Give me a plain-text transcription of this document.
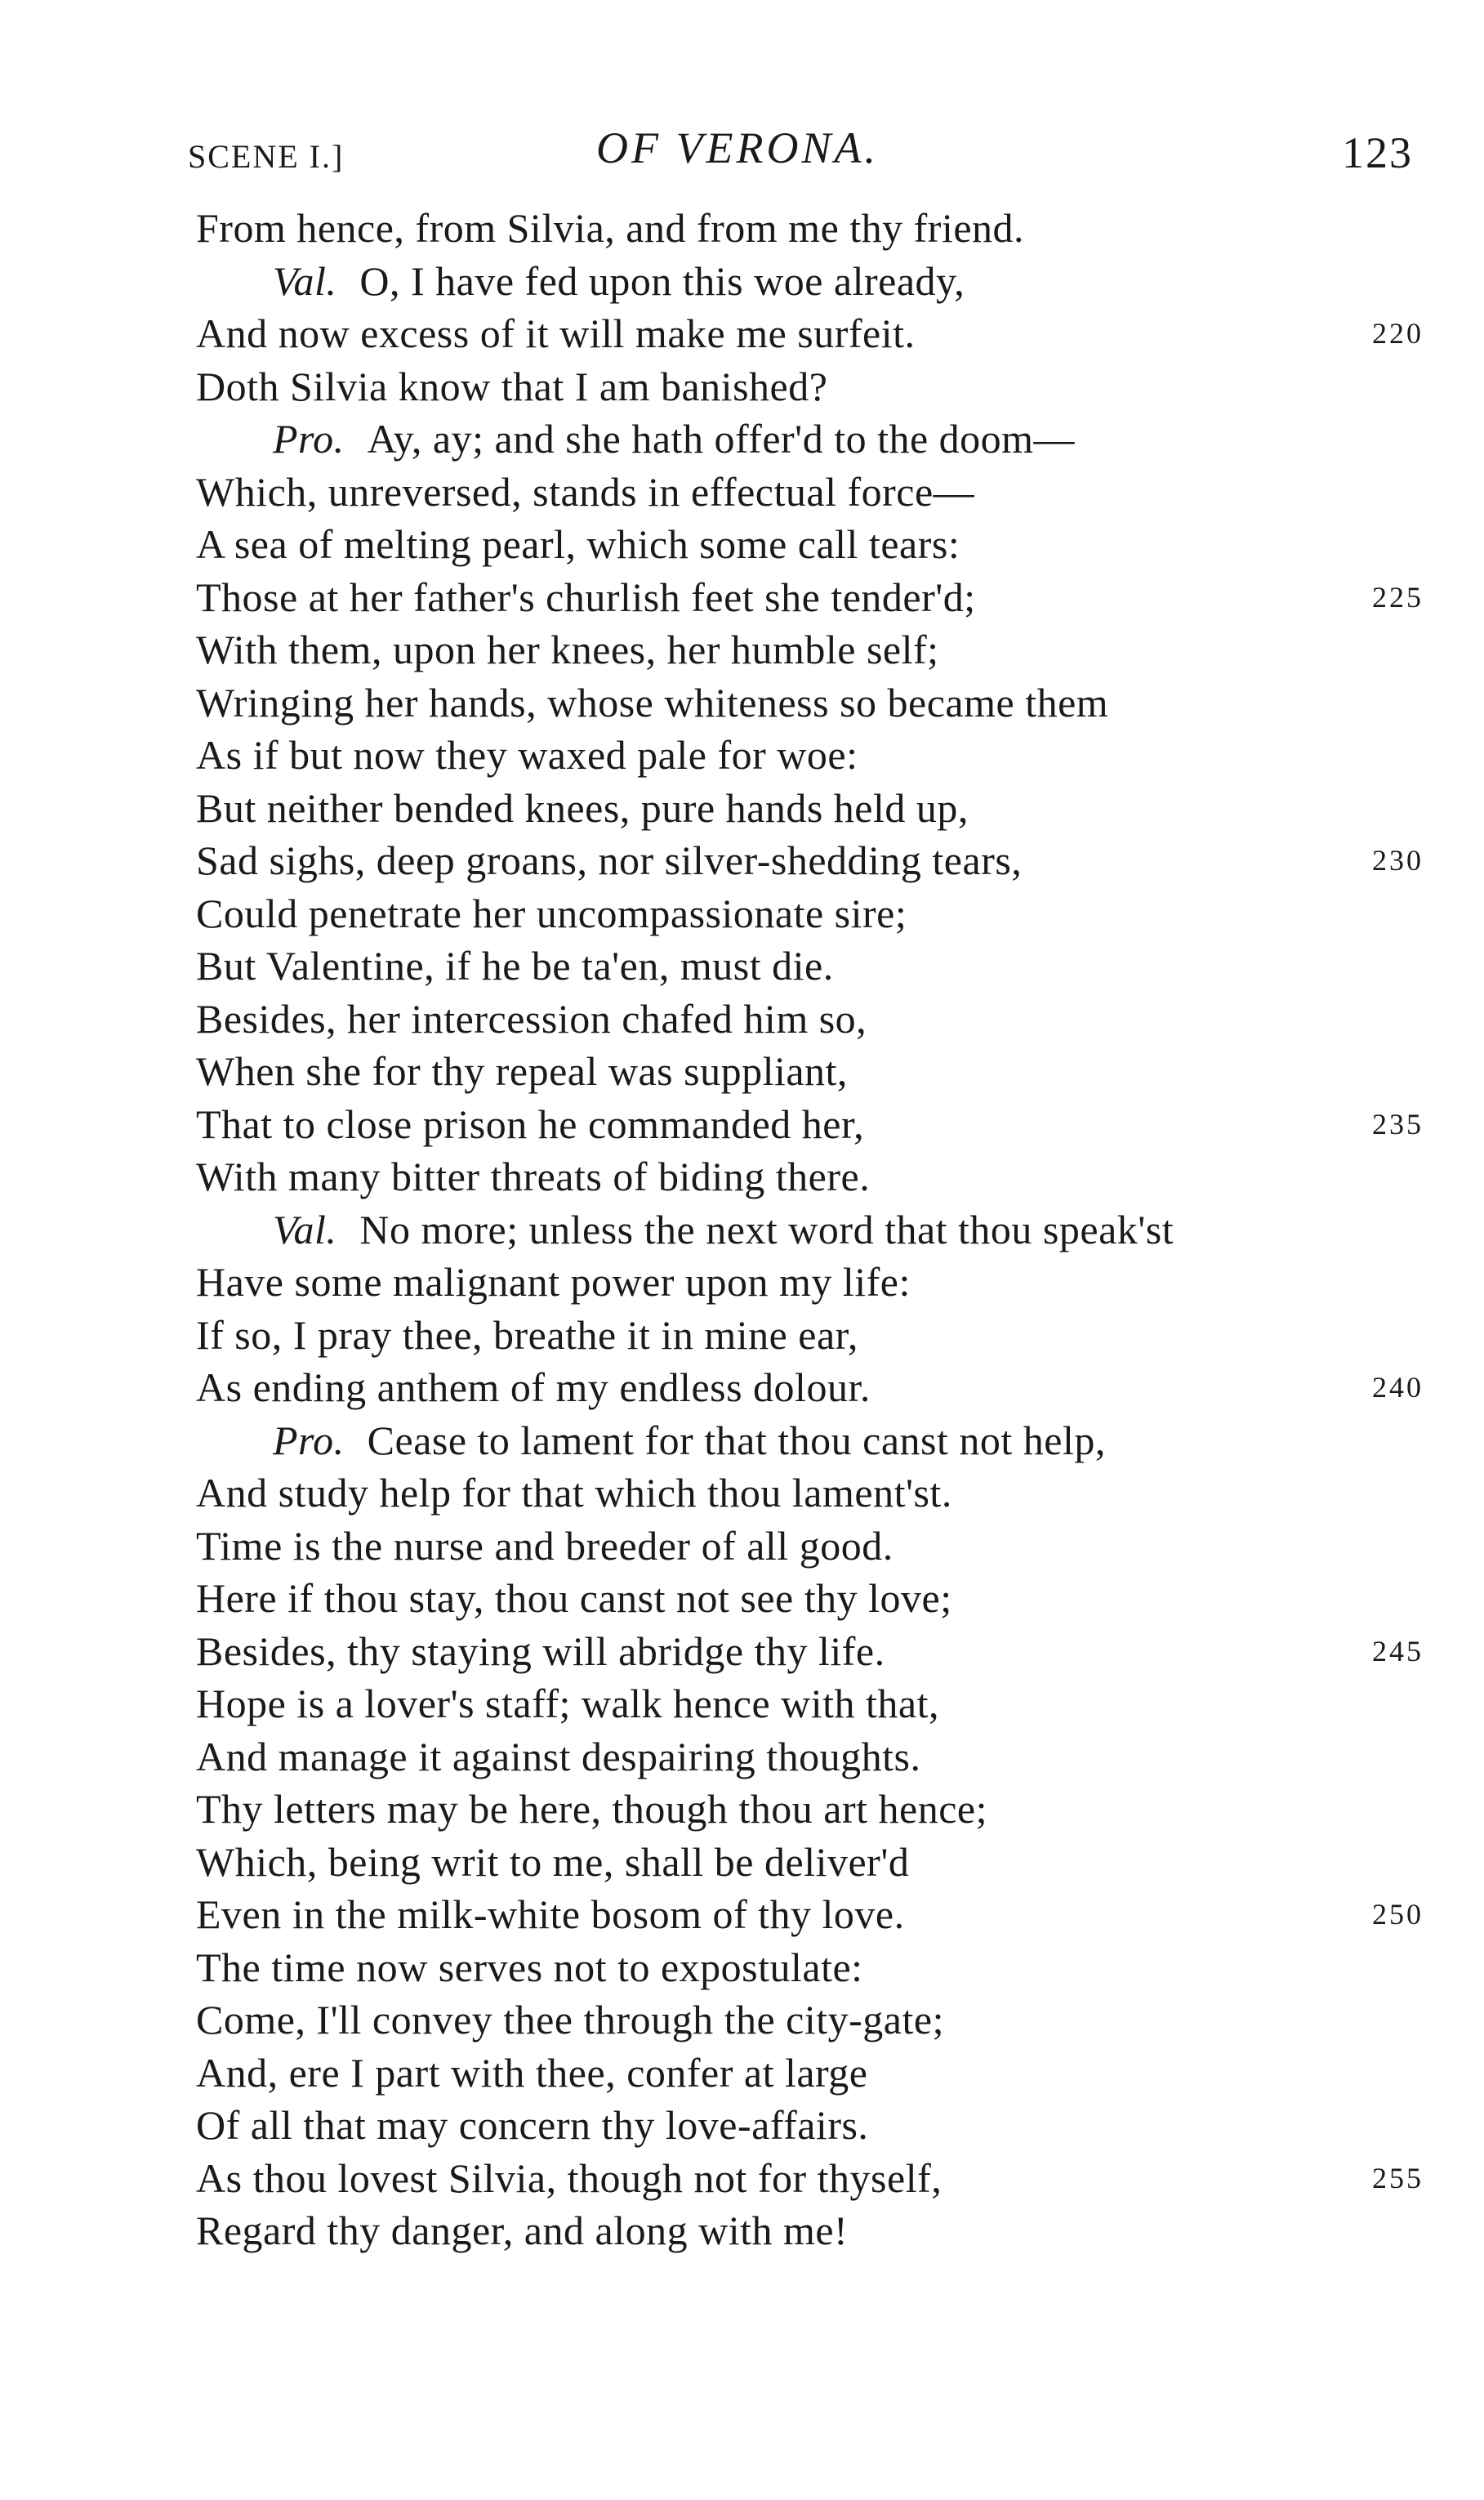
SCENE I.]	OF VERONA.	123
From hence, from Silvia, and from me thy friend.
Val. O, I have fed upon this woe already,
And now excess of it will make me surfeit.	220
Doth Silvia know that I am banished?
Pro. Ay, ay; and she hath offer'd to the doom—
Which, unreversed, stands in effectual force—
A sea of melting pearl, which some call tears:
Those at her father's churlish feet she tender'd;	225
With them, upon her knees, her humble self;
Wringing her hands, whose whiteness so became them
As if but now they waxed pale for woe:
But neither bended knees, pure hands held up,
Sad sighs, deep groans, nor silver-shedding tears,	230
Could penetrate her uncompassionate sire;
But Valentine, if he be ta'en, must die.
Besides, her intercession chafed him so,
When she for thy repeal was suppliant,
That to close prison he commanded her,	235
With many bitter threats of biding there.
Val. No more; unless the next word that thou speak'st
Have some malignant power upon my life:
If so, I pray thee, breathe it in mine ear,
As ending anthem of my endless dolour.	240
Pro. Cease to lament for that thou canst not help,
And study help for that which thou lament'st.
Time is the nurse and breeder of all good.
Here if thou stay, thou canst not see thy love;
Besides, thy staying will abridge thy life.	245
Hope is a lover's staff; walk hence with that,
And manage it against despairing thoughts.
Thy letters may be here, though thou art hence;
Which, being writ to me, shall be deliver'd
Even in the milk-white bosom of thy love.	250
The time now serves not to expostulate:
Come, I'll convey thee through the city-gate;
And, ere I part with thee, confer at large
Of all that may concern thy love-affairs.
As thou lovest Silvia, though not for thyself,	255
Regard thy danger, and along with me!
